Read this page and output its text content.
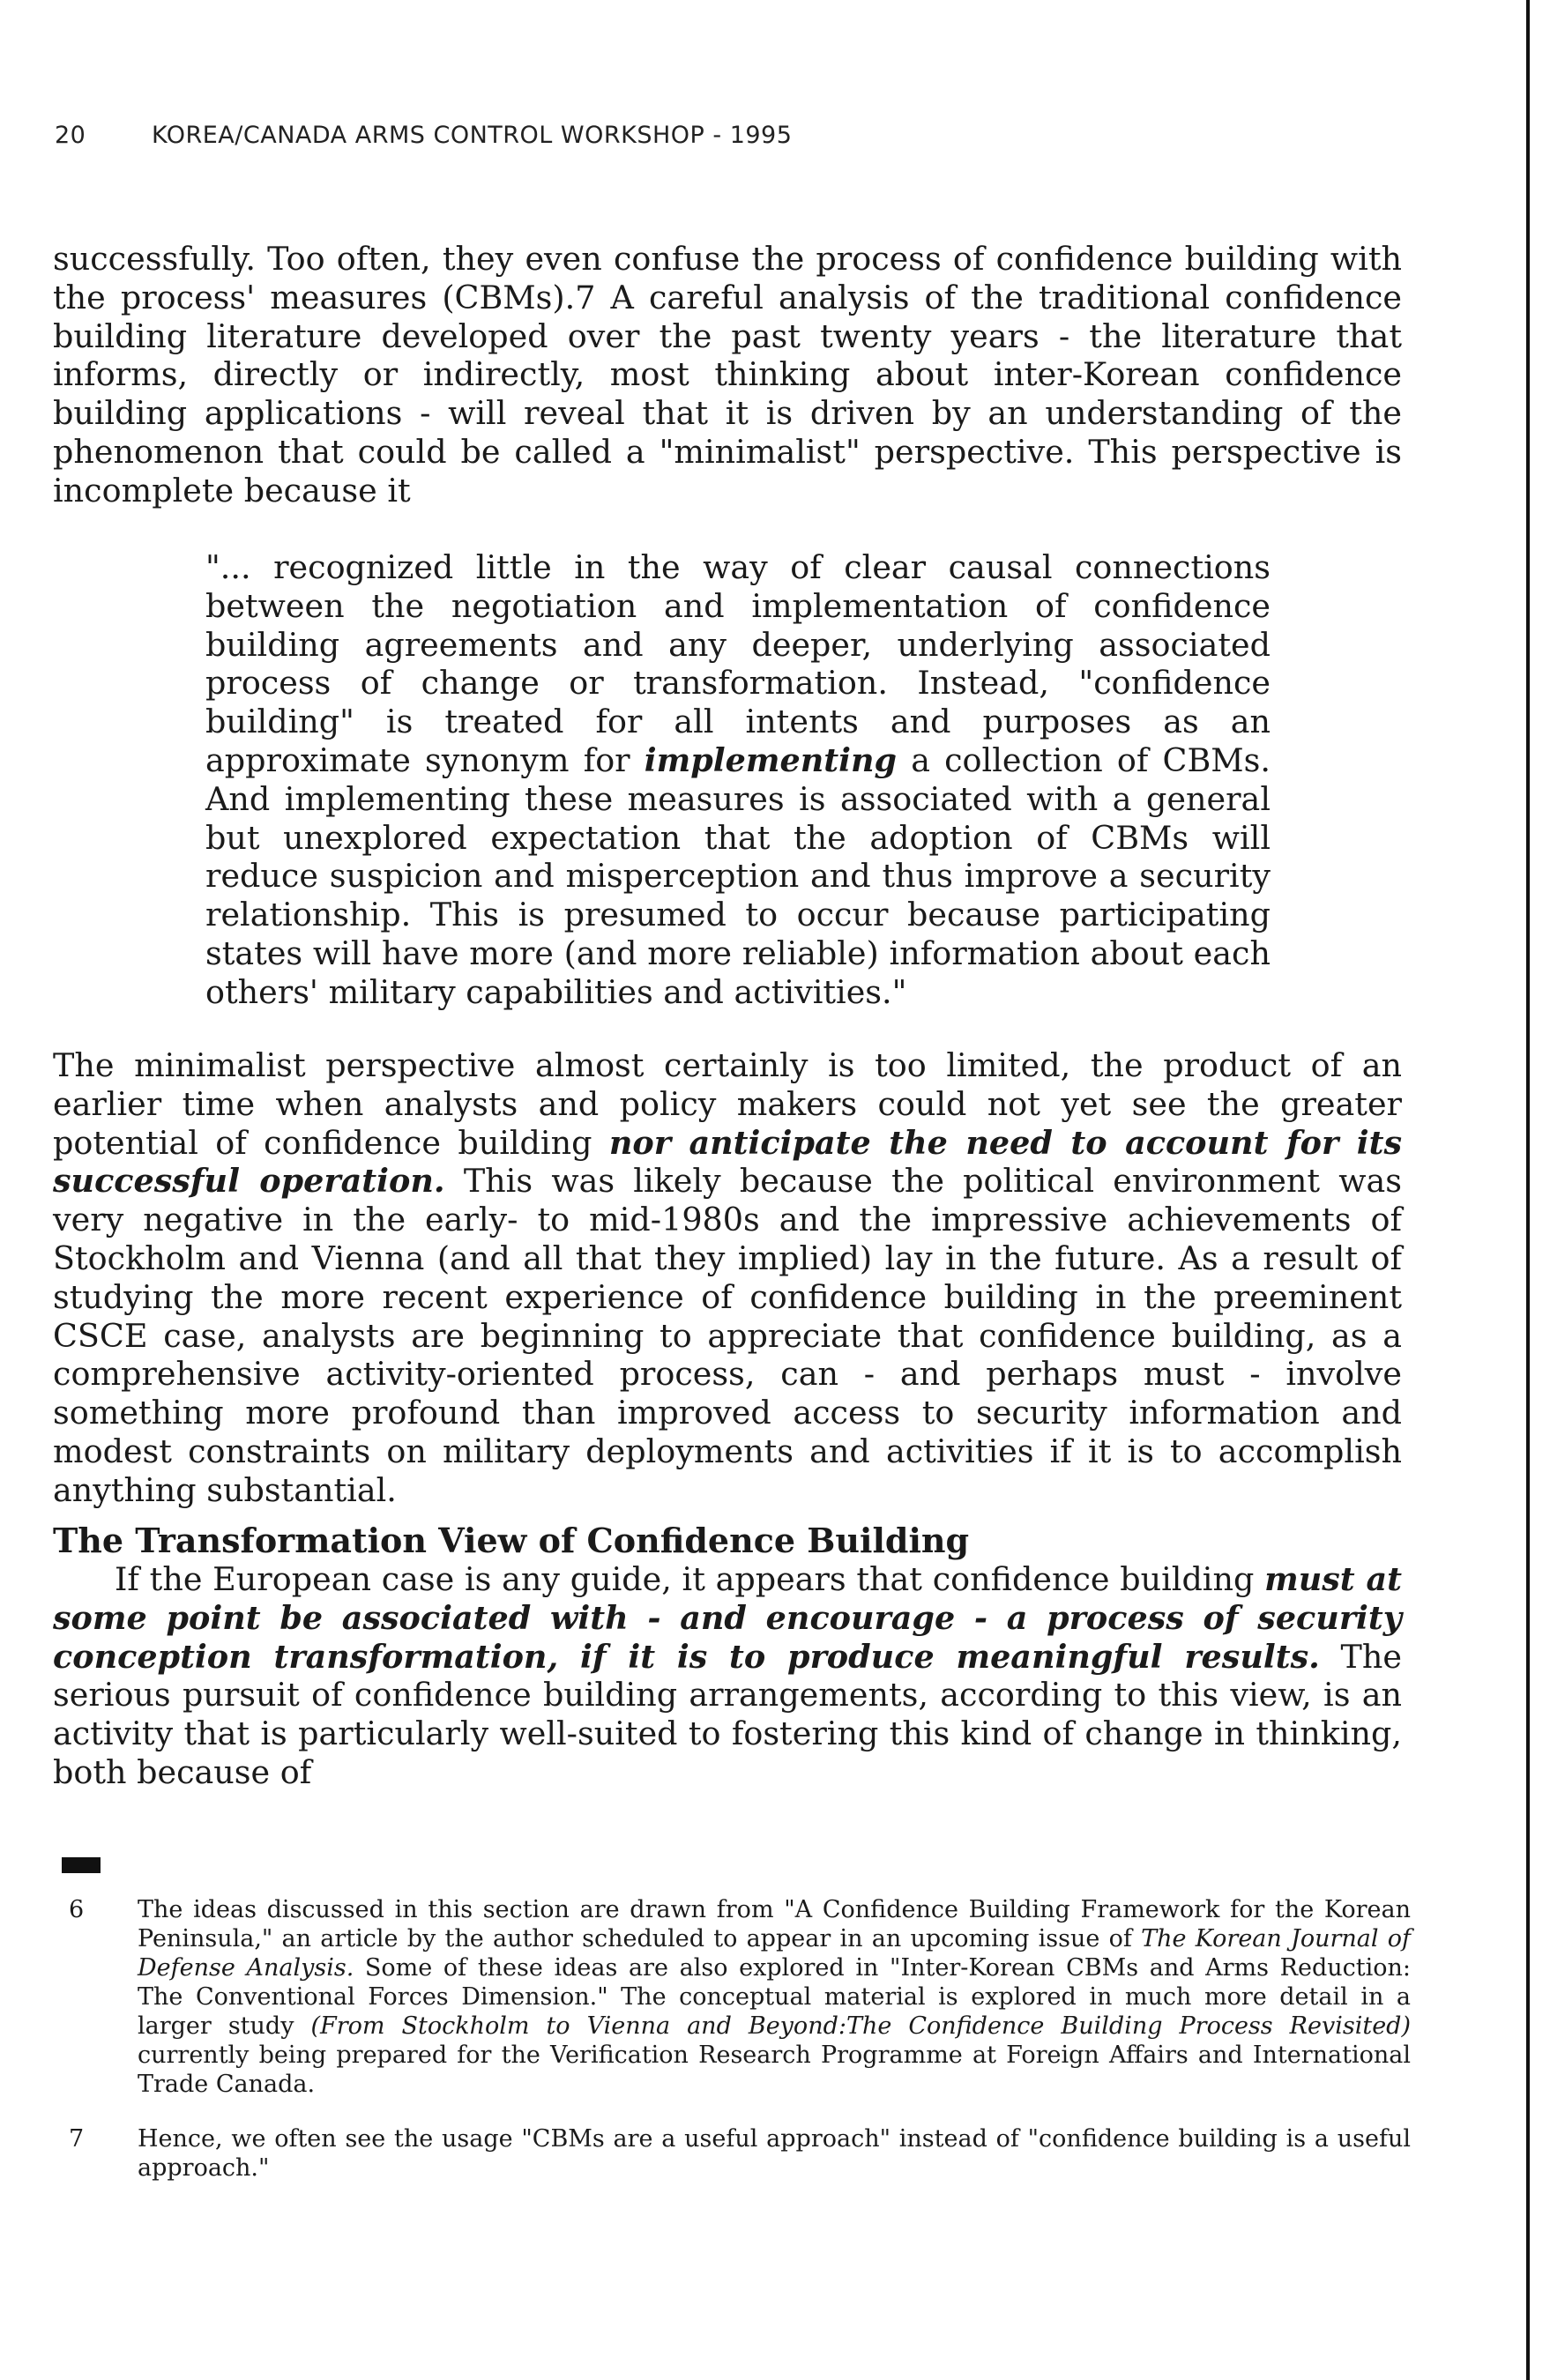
20	KOREA/CANADA ARMS CONTROL WORKSHOP - 1995

successfully. Too often, they even confuse the process of confidence building with the process' measures (CBMs).7 A careful analysis of the traditional confidence building literature developed over the past twenty years - the literature that informs, directly or indirectly, most thinking about inter-Korean confidence building applications - will reveal that it is driven by an understanding of the phenomenon that could be called a "minimalist" perspective. This perspective is incomplete because it

"... recognized little in the way of clear causal connections between the negotiation and implementation of confidence building agreements and any deeper, underlying associated process of change or transformation. Instead, "confidence building" is treated for all intents and purposes as an approximate synonym for implementing a collection of CBMs. And implementing these measures is associated with a general but unexplored expectation that the adoption of CBMs will reduce suspicion and misperception and thus improve a security relationship. This is presumed to occur because participating states will have more (and more reliable) information about each others' military capabilities and activities."

The minimalist perspective almost certainly is too limited, the product of an earlier time when analysts and policy makers could not yet see the greater potential of confidence building nor anticipate the need to account for its successful operation. This was likely because the political environment was very negative in the early- to mid-1980s and the impressive achievements of Stockholm and Vienna (and all that they implied) lay in the future. As a result of studying the more recent experience of confidence building in the preeminent CSCE case, analysts are beginning to appreciate that confidence building, as a comprehensive activity-oriented process, can - and perhaps must - involve something more profound than improved access to security information and modest constraints on military deployments and activities if it is to accomplish anything substantial.

The Transformation View of Confidence Building

If the European case is any guide, it appears that confidence building must at some point be associated with - and encourage - a process of security conception transformation, if it is to produce meaningful results. The serious pursuit of confidence building arrangements, according to this view, is an activity that is particularly well-suited to fostering this kind of change in thinking, both because of

6	The ideas discussed in this section are drawn from "A Confidence Building Framework for the Korean Peninsula," an article by the author scheduled to appear in an upcoming issue of The Korean Journal of Defense Analysis. Some of these ideas are also explored in "Inter-Korean CBMs and Arms Reduction: The Conventional Forces Dimension." The conceptual material is explored in much more detail in a larger study (From Stockholm to Vienna and Beyond:The Confidence Building Process Revisited) currently being prepared for the Verification Research Programme at Foreign Affairs and International Trade Canada.
7	Hence, we often see the usage "CBMs are a useful approach" instead of "confidence building is a useful approach."
